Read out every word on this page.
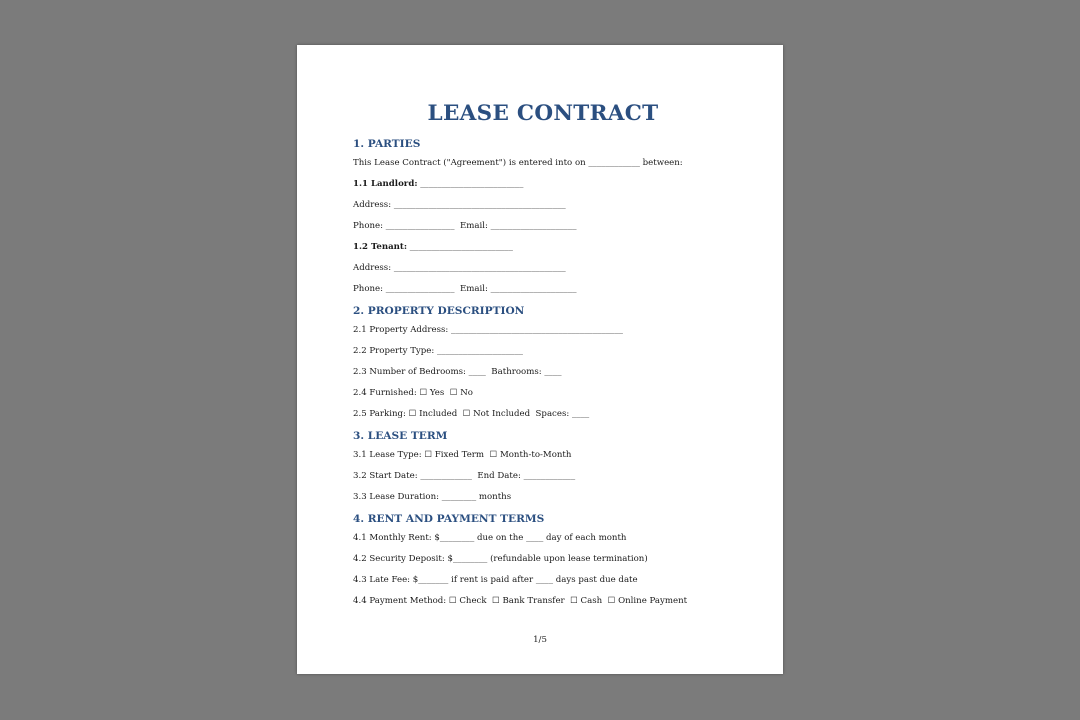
LEASE CONTRACT
1. PARTIES

This Lease Contract ("Agreement") is entered into on ____________ between:

1.1 Landlord: ________________________

Address: ________________________________________

Phone: ________________  Email: ____________________

1.2 Tenant: ________________________

Address: ________________________________________

Phone: ________________  Email: ____________________

2. PROPERTY DESCRIPTION

2.1 Property Address: ________________________________________

2.2 Property Type: ____________________

2.3 Number of Bedrooms: ____  Bathrooms: ____

2.4 Furnished: ☐ Yes  ☐ No

2.5 Parking: ☐ Included  ☐ Not Included  Spaces: ____

3. LEASE TERM

3.1 Lease Type: ☐ Fixed Term  ☐ Month-to-Month

3.2 Start Date: ____________  End Date: ____________

3.3 Lease Duration: ________ months

4. RENT AND PAYMENT TERMS

4.1 Monthly Rent: $________ due on the ____ day of each month

4.2 Security Deposit: $________ (refundable upon lease termination)

4.3 Late Fee: $_______ if rent is paid after ____ days past due date

4.4 Payment Method: ☐ Check  ☐ Bank Transfer  ☐ Cash  ☐ Online Payment

1/5
